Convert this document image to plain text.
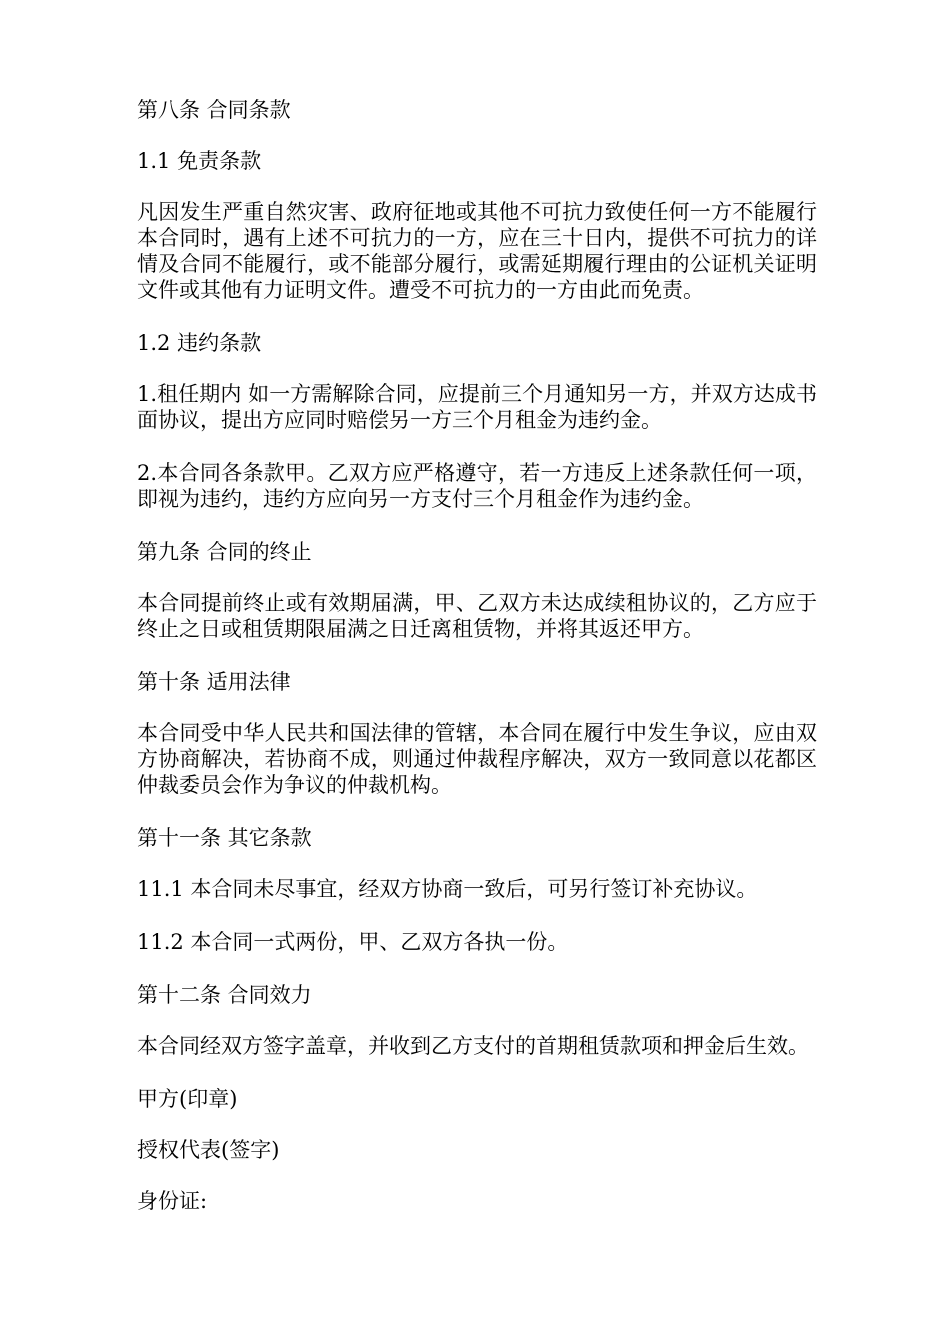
第八条 合同条款

1.1 免责条款

凡因发生严重自然灾害、政府征地或其他不可抗力致使任何一方不能履行本合同时，遇有上述不可抗力的一方，应在三十日内，提供不可抗力的详情及合同不能履行，或不能部分履行，或需延期履行理由的公证机关证明文件或其他有力证明文件。遭受不可抗力的一方由此而免责。

1.2 违约条款

1.租任期内 如一方需解除合同，应提前三个月通知另一方，并双方达成书面协议，提出方应同时赔偿另一方三个月租金为违约金。

2.本合同各条款甲。乙双方应严格遵守，若一方违反上述条款任何一项，即视为违约，违约方应向另一方支付三个月租金作为违约金。

第九条 合同的终止

本合同提前终止或有效期届满，甲、乙双方未达成续租协议的，乙方应于终止之日或租赁期限届满之日迁离租赁物，并将其返还甲方。

第十条 适用法律

本合同受中华人民共和国法律的管辖，本合同在履行中发生争议，应由双方协商解决，若协商不成，则通过仲裁程序解决，双方一致同意以花都区仲裁委员会作为争议的仲裁机构。

第十一条 其它条款

11.1 本合同未尽事宜，经双方协商一致后，可另行签订补充协议。

11.2 本合同一式两份，甲、乙双方各执一份。

第十二条 合同效力

本合同经双方签字盖章，并收到乙方支付的首期租赁款项和押金后生效。

甲方(印章)

授权代表(签字)

身份证:
